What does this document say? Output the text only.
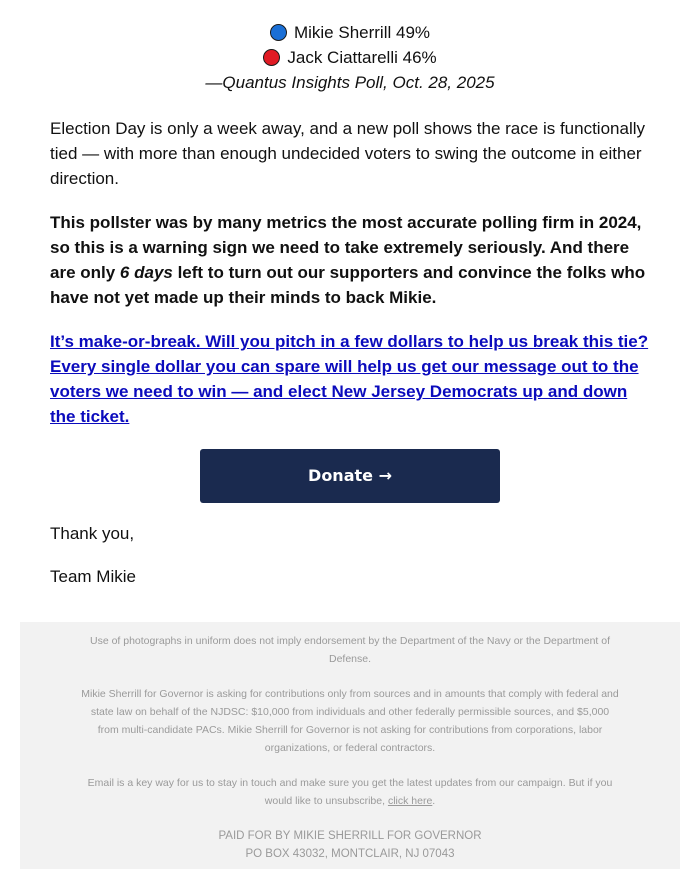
Mikie Sherrill 49%
Jack Ciattarelli 46%
—Quantus Insights Poll, Oct. 28, 2025

Election Day is only a week away, and a new poll shows the race is functionally tied — with more than enough undecided voters to swing the outcome in either direction.

This pollster was by many metrics the most accurate polling firm in 2024, so this is a warning sign we need to take extremely seriously. And there are only 6 days left to turn out our supporters and convince the folks who have not yet made up their minds to back Mikie.

It’s make-or-break. Will you pitch in a few dollars to help us break this tie? Every single dollar you can spare will help us get our message out to the voters we need to win — and elect New Jersey Democrats up and down the ticket.

Donate →

Thank you,

Team Mikie

Use of photographs in uniform does not imply endorsement by the Department of the Navy or the Department of Defense.

Mikie Sherrill for Governor is asking for contributions only from sources and in amounts that comply with federal and state law on behalf of the NJDSC: $10,000 from individuals and other federally permissible sources, and $5,000 from multi-candidate PACs. Mikie Sherrill for Governor is not asking for contributions from corporations, labor organizations, or federal contractors.

Email is a key way for us to stay in touch and make sure you get the latest updates from our campaign. But if you would like to unsubscribe, click here.

PAID FOR BY MIKIE SHERRILL FOR GOVERNOR

PO BOX 43032, MONTCLAIR, NJ 07043
